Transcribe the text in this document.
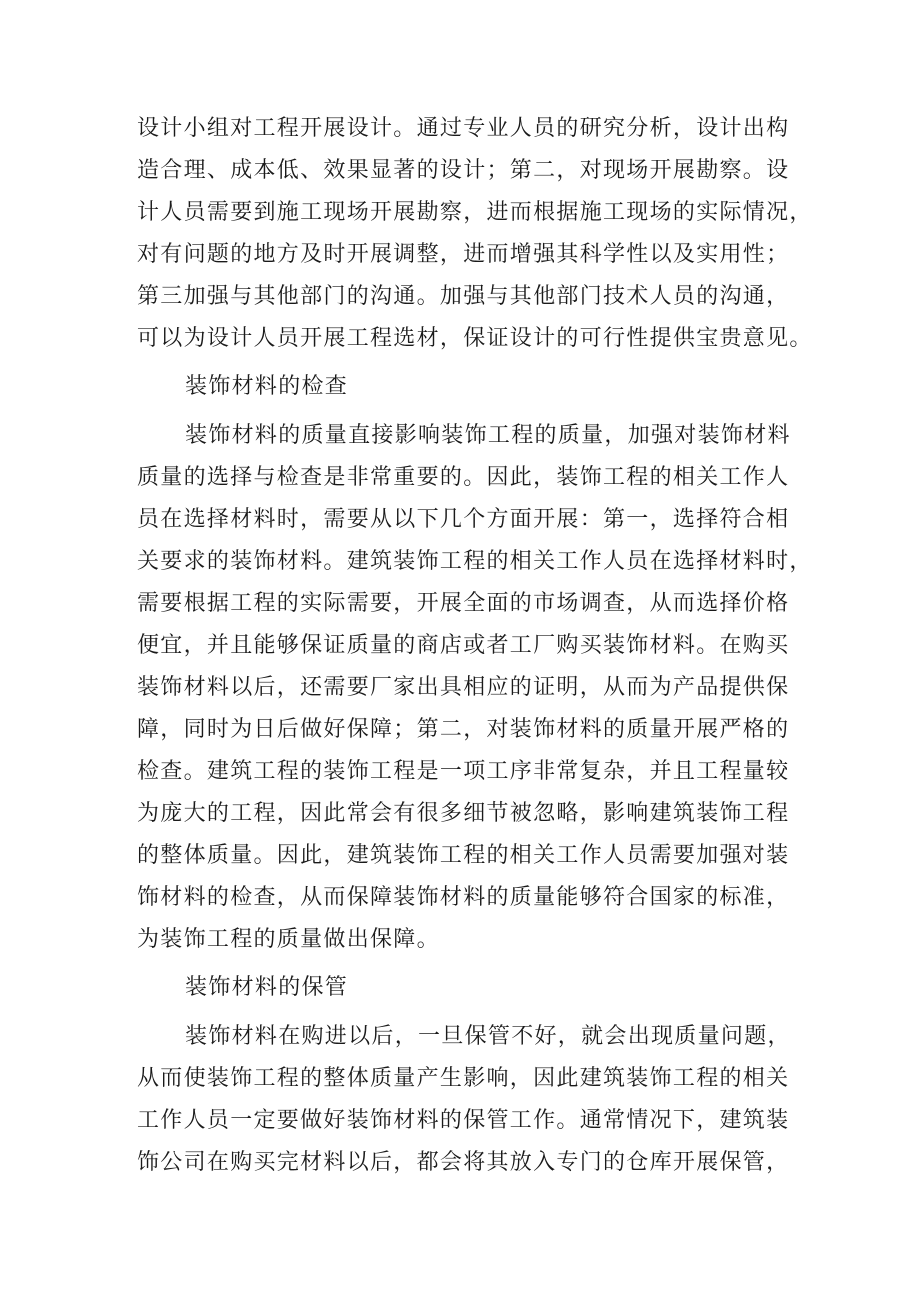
设计小组对工程开展设计。通过专业人员的研究分析，设计出构

造合理、成本低、效果显著的设计；第二，对现场开展勘察。设

计人员需要到施工现场开展勘察，进而根据施工现场的实际情况，

对有问题的地方及时开展调整，进而增强其科学性以及实用性；

第三加强与其他部门的沟通。加强与其他部门技术人员的沟通，

可以为设计人员开展工程选材，保证设计的可行性提供宝贵意见。

装饰材料的检查

装饰材料的质量直接影响装饰工程的质量，加强对装饰材料

质量的选择与检查是非常重要的。因此，装饰工程的相关工作人

员在选择材料时，需要从以下几个方面开展：第一，选择符合相

关要求的装饰材料。建筑装饰工程的相关工作人员在选择材料时，

需要根据工程的实际需要，开展全面的市场调查，从而选择价格

便宜，并且能够保证质量的商店或者工厂购买装饰材料。在购买

装饰材料以后，还需要厂家出具相应的证明，从而为产品提供保

障，同时为日后做好保障；第二，对装饰材料的质量开展严格的

检查。建筑工程的装饰工程是一项工序非常复杂，并且工程量较

为庞大的工程，因此常会有很多细节被忽略，影响建筑装饰工程

的整体质量。因此，建筑装饰工程的相关工作人员需要加强对装

饰材料的检查，从而保障装饰材料的质量能够符合国家的标准，

为装饰工程的质量做出保障。

装饰材料的保管

装饰材料在购进以后，一旦保管不好，就会出现质量问题，

从而使装饰工程的整体质量产生影响，因此建筑装饰工程的相关

工作人员一定要做好装饰材料的保管工作。通常情况下，建筑装

饰公司在购买完材料以后，都会将其放入专门的仓库开展保管，
